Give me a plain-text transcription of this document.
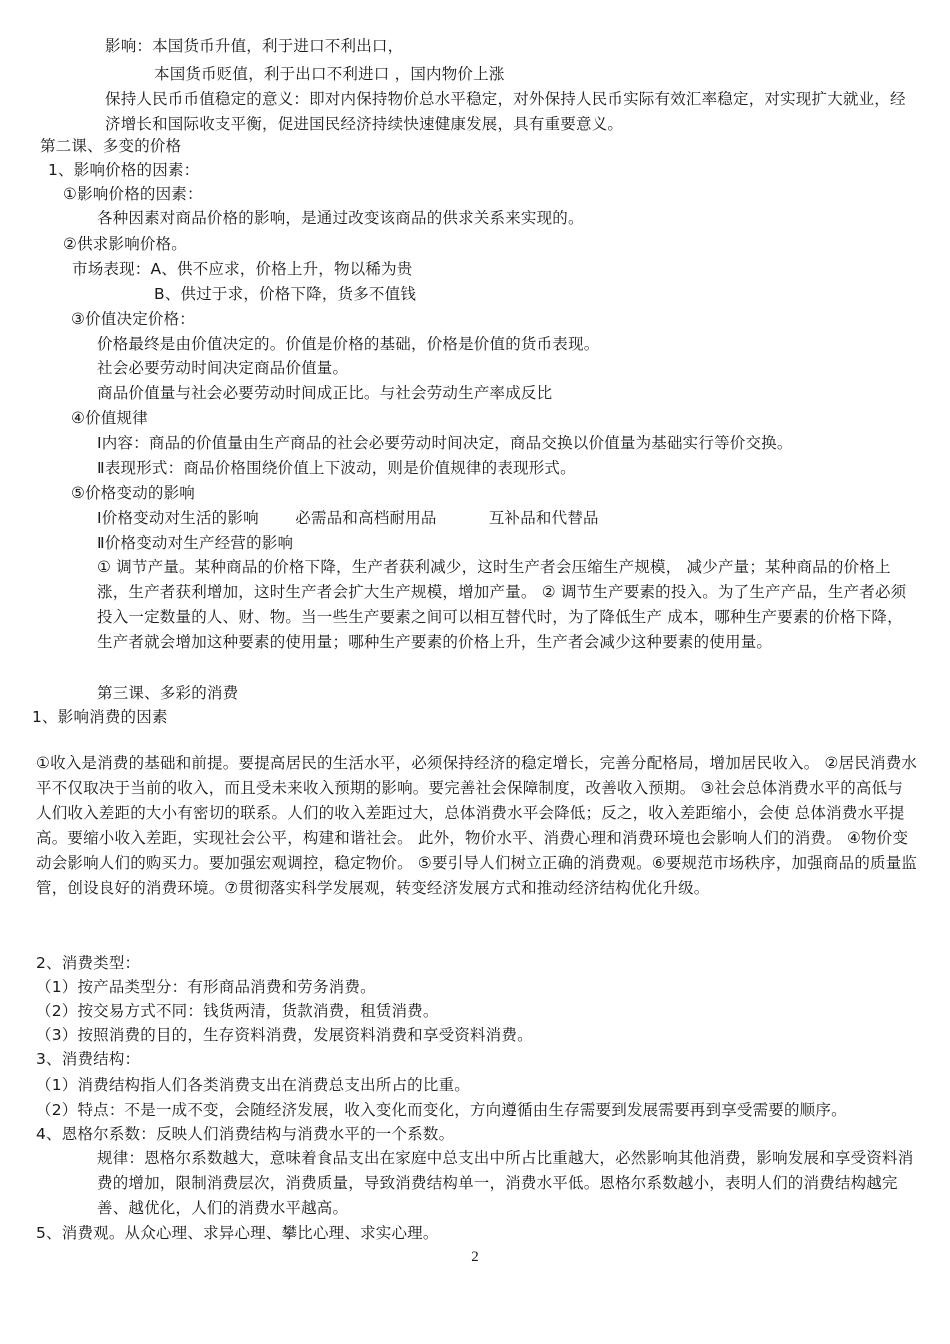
影响：本国货币升值，利于进口不利出口，
本国货币贬值，利于出口不利进口 ，国内物价上涨
保持人民币币值稳定的意义：即对内保持物价总水平稳定，对外保持人民币实际有效汇率稳定，对实现扩大就业，经济增长和国际收支平衡，促进国民经济持续快速健康发展，具有重要意义。
第二课、多变的价格
1、影响价格的因素：
①影响价格的因素：
各种因素对商品价格的影响，是通过改变该商品的供求关系来实现的。
②供求影响价格。
市场表现：A、供不应求，价格上升，物以稀为贵
B、供过于求，价格下降，货多不值钱
③价值决定价格：
价格最终是由价值决定的。价值是价格的基础，价格是价值的货币表现。
社会必要劳动时间决定商品价值量。
商品价值量与社会必要劳动时间成正比。与社会劳动生产率成反比
④价值规律
Ⅰ内容：商品的价值量由生产商品的社会必要劳动时间决定，商品交换以价值量为基础实行等价交换。
Ⅱ表现形式：商品价格围绕价值上下波动，则是价值规律的表现形式。
⑤价格变动的影响
Ⅰ价格变动对生活的影响　　 必需品和高档耐用品 　　　互补品和代替品
Ⅱ价格变动对生产经营的影响
① 调节产量。某种商品的价格下降，生产者获利减少，这时生产者会压缩生产规模， 减少产量；某种商品的价格上涨，生产者获利增加，这时生产者会扩大生产规模，增加产量。 ② 调节生产要素的投入。为了生产产品，生产者必须投入一定数量的人、财、物。当一些生产要素之间可以相互替代时，为了降低生产 成本，哪种生产要素的价格下降，生产者就会增加这种要素的使用量；哪种生产要素的价格上升，生产者会减少这种要素的使用量。
第三课、多彩的消费
1、影响消费的因素
①收入是消费的基础和前提。要提高居民的生活水平，必须保持经济的稳定增长，完善分配格局，增加居民收入。 ②居民消费水平不仅取决于当前的收入，而且受未来收入预期的影响。要完善社会保障制度，改善收入预期。 ③社会总体消费水平的高低与人们收入差距的大小有密切的联系。人们的收入差距过大，总体消费水平会降低；反之，收入差距缩小，会使 总体消费水平提高。要缩小收入差距，实现社会公平，构建和谐社会。 此外，物价水平、消费心理和消费环境也会影响人们的消费。 ④物价变动会影响人们的购买力。要加强宏观调控，稳定物价。 ⑤要引导人们树立正确的消费观。⑥要规范市场秩序，加强商品的质量监管，创设良好的消费环境。⑦贯彻落实科学发展观，转变经济发展方式和推动经济结构优化升级。
2、消费类型：
（1）按产品类型分：有形商品消费和劳务消费。
（2）按交易方式不同：钱货两清，货款消费，租赁消费。
（3）按照消费的目的，生存资料消费，发展资料消费和享受资料消费。
3、消费结构：
（1）消费结构指人们各类消费支出在消费总支出所占的比重。
（2）特点：不是一成不变，会随经济发展，收入变化而变化，方向遵循由生存需要到发展需要再到享受需要的顺序。
4、恩格尔系数：反映人们消费结构与消费水平的一个系数。
规律：恩格尔系数越大，意味着食品支出在家庭中总支出中所占比重越大，必然影响其他消费，影响发展和享受资料消费的增加，限制消费层次，消费质量，导致消费结构单一，消费水平低。恩格尔系数越小，表明人们的消费结构越完善、越优化，人们的消费水平越高。
5、消费观。从众心理、求异心理、攀比心理、求实心理。
2
